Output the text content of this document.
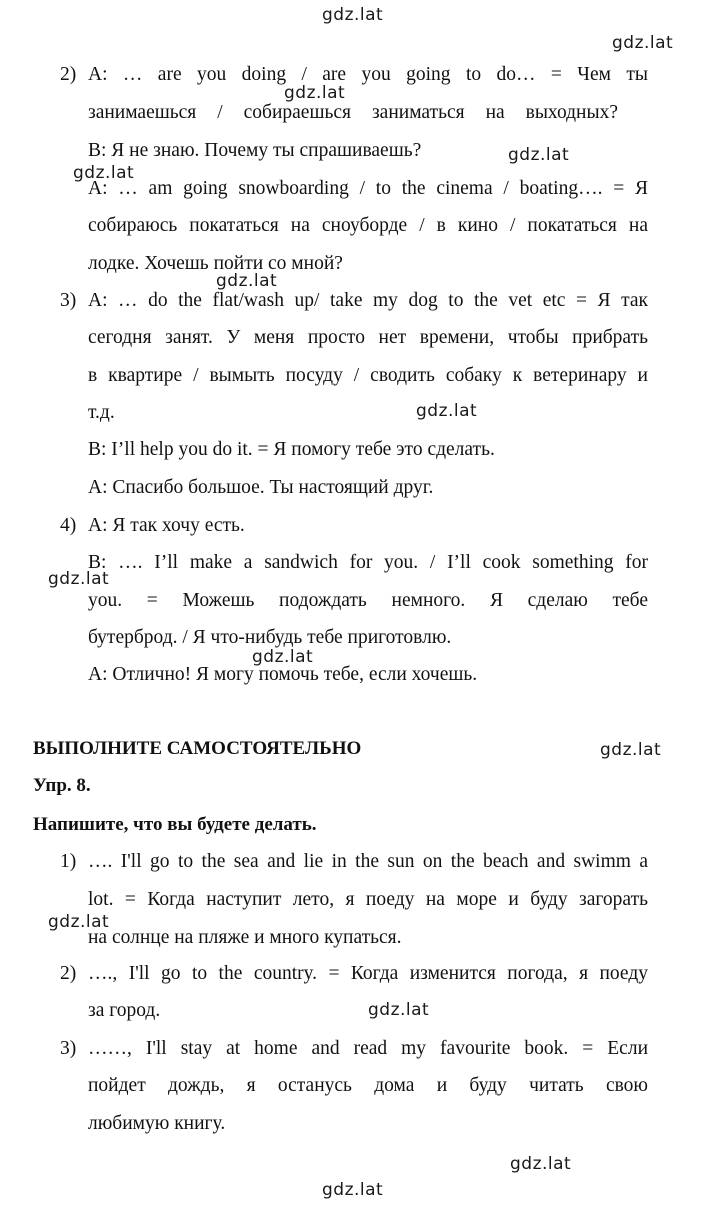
2) A: … are you doing / are you going to do… = Чем ты
занимаешься / собираешься заниматься на выходных?
B: Я не знаю. Почему ты спрашиваешь?
A: … am going snowboarding / to the cinema / boating…. = Я
собираюсь покататься на сноуборде / в кино / покататься на
лодке. Хочешь пойти со мной?
3) A: … do the flat/wash up/ take my dog to the vet etc = Я так
сегодня занят. У меня просто нет времени, чтобы прибрать
в квартире / вымыть посуду / сводить собаку к ветеринару и
т.д.
B: I’ll help you do it. = Я помогу тебе это сделать.
A: Спасибо большое. Ты настоящий друг.
4) A: Я так хочу есть.
B: …. I’ll make a sandwich for you. / I’ll cook something for
you. = Можешь подождать немного. Я сделаю тебе
бутерброд. / Я что-нибудь тебе приготовлю.
A: Отлично! Я могу помочь тебе, если хочешь.
ВЫПОЛНИТЕ САМОСТОЯТЕЛЬНО
Упр. 8.
Напишите, что вы будете делать.
1) …. I'll go to the sea and lie in the sun on the beach and swimm a
lot. = Когда наступит лето, я поеду на море и буду загорать
на солнце на пляже и много купаться.
2) …., I'll go to the country. = Когда изменится погода, я поеду
за город.
3) ……, I'll stay at home and read my favourite book. = Если
пойдет дождь, я останусь дома и буду читать свою
любимую книгу.
gdz.lat
gdz.lat
gdz.lat
gdz.lat
gdz.lat
gdz.lat
gdz.lat
gdz.lat
gdz.lat
gdz.lat
gdz.lat
gdz.lat
gdz.lat
gdz.lat
